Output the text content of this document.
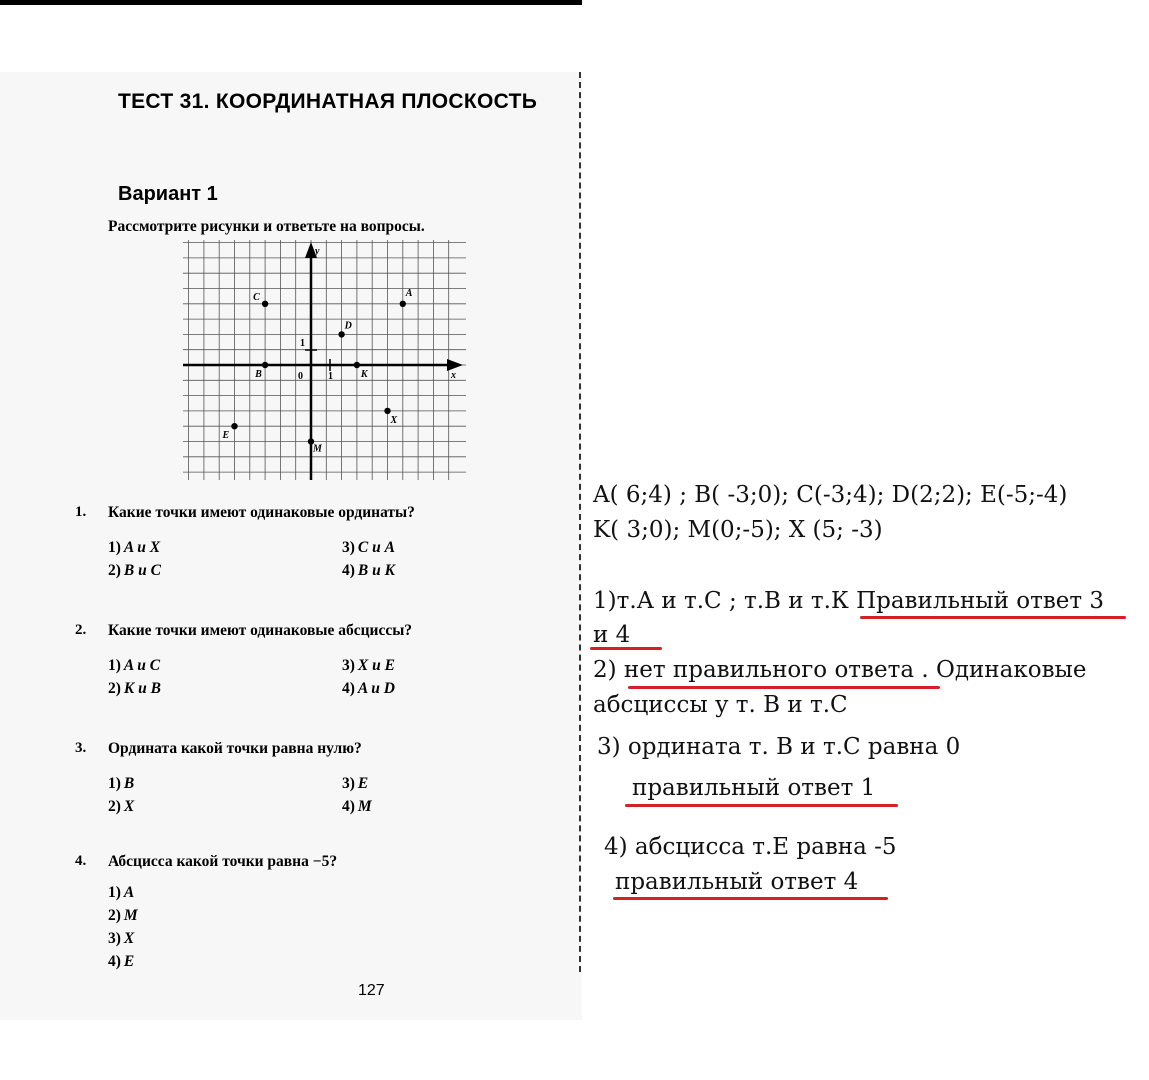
ТЕСТ 31. КООРДИНАТНАЯ ПЛОСКОСТЬ
Вариант 1
Рассмотрите рисунки и ответьте на вопросы.
x
y
0	1
1
A
B
C
D
E
K
M
X
1. Какие точки имеют одинаковые ординаты?
1) A и X
2) B и C
3) C и A
4) B и K
2. Какие точки имеют одинаковые абсциссы?
1) A и C
2) K и B
3) X и E
4) A и D
3. Ордината какой точки равна нулю?
1) B
2) X
3) E
4) M
4. Абсцисса какой точки равна −5?
1) A
2) M
3) X
4) E
127
A( 6;4) ; B( -3;0); C(-3;4); D(2;2); E(-5;-4)
K( 3;0); M(0;-5); X (5; -3)
1)т.А и т.С ; т.В и т.К Правильный ответ 3
и 4
2) нет правильного ответа . Одинаковые
абсциссы у т. В и т.С
3) ордината т. В и т.С равна 0
правильный ответ 1
4) абсцисса т.Е равна -5
правильный ответ 4
